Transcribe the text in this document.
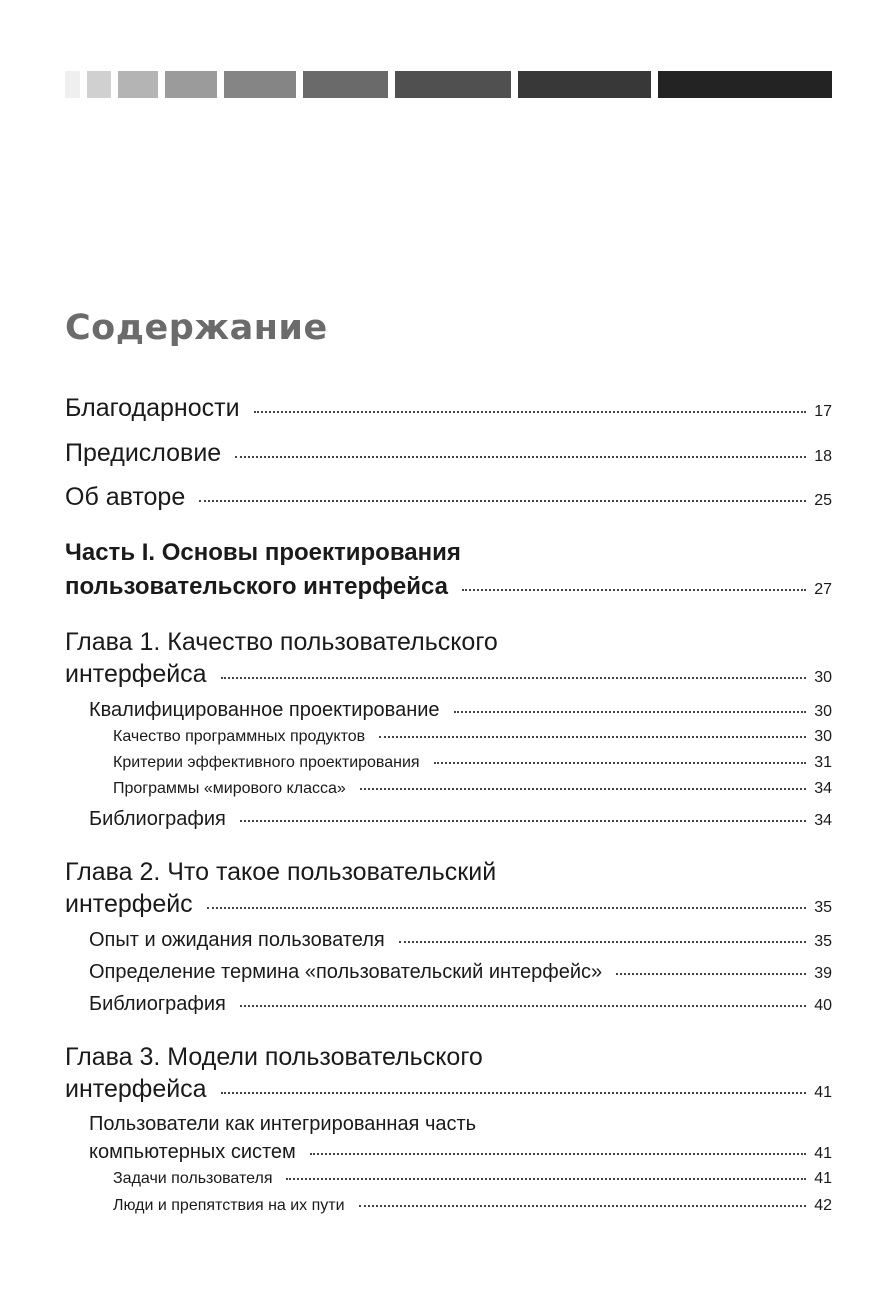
Содержание
Благодарности	17
Предисловие	18
Об авторе	25
Часть I. Основы проектирования
пользовательского интерфейса	27
Глава 1. Качество пользовательского
интерфейса	30
Квалифицированное проектирование	30
Качество программных продуктов	30
Критерии эффективного проектирования	31
Программы «мирового класса»	34
Библиография	34
Глава 2. Что такое пользовательский
интерфейс	35
Опыт и ожидания пользователя	35
Определение термина «пользовательский интерфейс»	39
Библиография	40
Глава 3. Модели пользовательского
интерфейса	41
Пользователи как интегрированная часть
компьютерных систем	41
Задачи пользователя	41
Люди и препятствия на их пути	42
